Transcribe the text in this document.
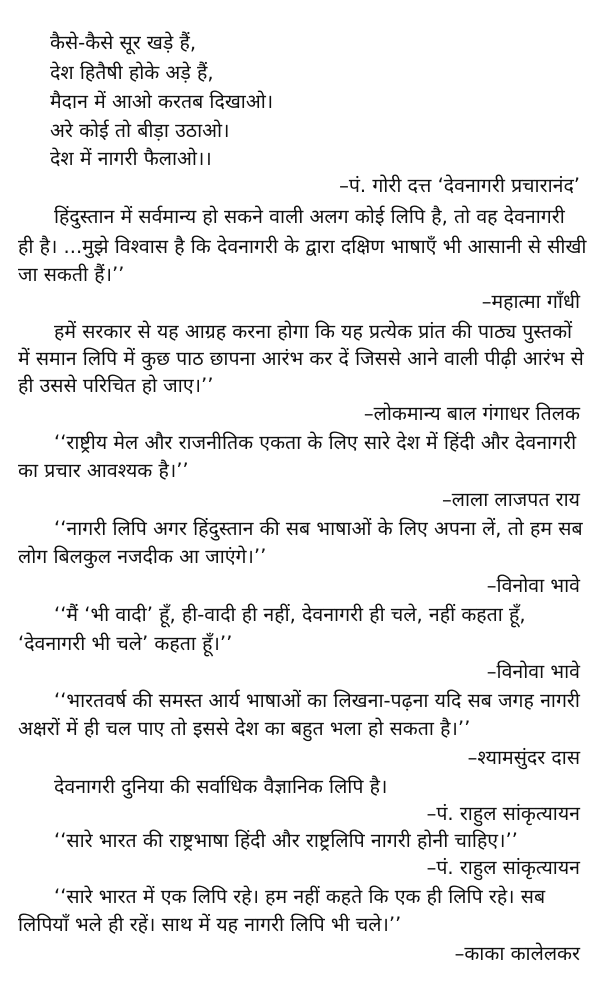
कैसे-कैसे सूर खड़े हैं,
देश हितैषी होके अड़े हैं,
मैदान में आओ करतब दिखाओ।
अरे कोई तो बीड़ा उठाओ।
देश में नागरी फैलाओ।।
–पं. गोरी दत्त ‘देवनागरी प्रचारानंद’
हिंदुस्तान में सर्वमान्य हो सकने वाली अलग कोई लिपि है, तो वह देवनागरी
ही है। ...मुझे विश्वास है कि देवनागरी के द्वारा दक्षिण भाषाएँ भी आसानी से सीखी
जा सकती हैं।’’
–महात्मा गाँधी
हमें सरकार से यह आग्रह करना होगा कि यह प्रत्येक प्रांत की पाठ्य पुस्तकों
में समान लिपि में कुछ पाठ छापना आरंभ कर दें जिससे आने वाली पीढ़ी आरंभ से
ही उससे परिचित हो जाए।’’
–लोकमान्य बाल गंगाधर तिलक
‘‘राष्ट्रीय मेल और राजनीतिक एकता के लिए सारे देश में हिंदी और देवनागरी
का प्रचार आवश्यक है।’’
–लाला लाजपत राय
‘‘नागरी लिपि अगर हिंदुस्तान की सब भाषाओं के लिए अपना लें, तो हम सब
लोग बिलकुल नजदीक आ जाएंगे।’’
–विनोवा भावे
‘‘मैं ‘भी वादी’ हूँ, ही-वादी ही नहीं, देवनागरी ही चले, नहीं कहता हूँ,
‘देवनागरी भी चले’ कहता हूँ।’’
–विनोवा भावे
‘‘भारतवर्ष की समस्त आर्य भाषाओं का लिखना-पढ़ना यदि सब जगह नागरी
अक्षरों में ही चल पाए तो इससे देश का बहुत भला हो सकता है।’’
–श्यामसुंदर दास
देवनागरी दुनिया की सर्वाधिक वैज्ञानिक लिपि है।
–पं. राहुल सांकृत्यायन
‘‘सारे भारत की राष्ट्रभाषा हिंदी और राष्ट्रलिपि नागरी होनी चाहिए।’’
–पं. राहुल सांकृत्यायन
‘‘सारे भारत में एक लिपि रहे। हम नहीं कहते कि एक ही लिपि रहे। सब
लिपियाँ भले ही रहें। साथ में यह नागरी लिपि भी चले।’’
–काका कालेलकर
